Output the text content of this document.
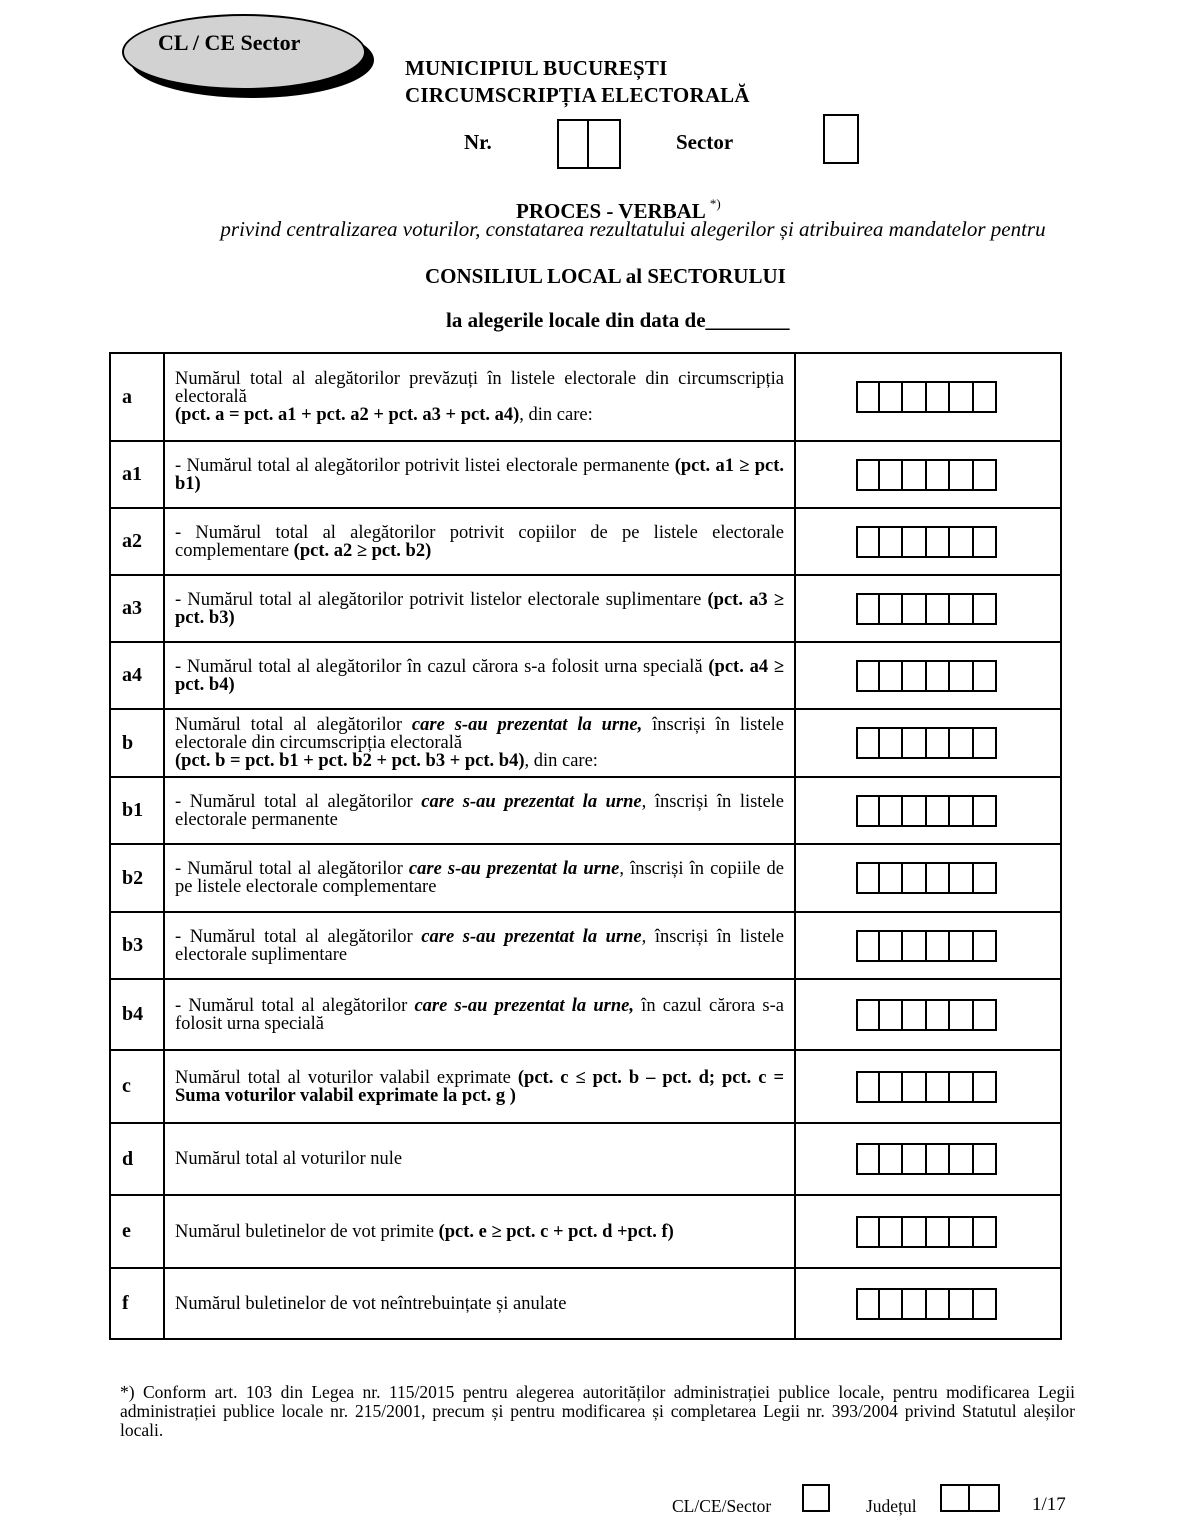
CL / CE Sector
MUNICIPIUL BUCUREȘTI
CIRCUMSCRIPȚIA ELECTORALĂ
Nr.	Sector
PROCES - VERBAL *)
privind centralizarea voturilor, constatarea rezultatului alegerilor și atribuirea mandatelor pentru
CONSILIUL LOCAL al SECTORULUI
la alegerile locale din data de________
a	Numărul total al alegătorilor prevăzuți în listele electorale din circumscripția electorală
(pct. a = pct. a1 + pct. a2 + pct. a3 + pct. a4), din care:	

a1	- Numărul total al alegătorilor potrivit listei electorale permanente (pct. a1 ≥ pct. b1)	

a2	- Numărul total al alegătorilor potrivit copiilor de pe listele electorale complementare (pct. a2 ≥ pct. b2)	

a3	- Numărul total al alegătorilor potrivit listelor electorale suplimentare (pct. a3 ≥ pct. b3)	

a4	- Numărul total al alegătorilor în cazul cărora s-a folosit urna specială (pct. a4 ≥ pct. b4)	

b	Numărul total al alegătorilor care s-au prezentat la urne, înscriși în listele electorale din circumscripția electorală
(pct. b = pct. b1 + pct. b2 + pct. b3 + pct. b4), din care:	

b1	- Numărul total al alegătorilor care s-au prezentat la urne, înscriși în listele electorale permanente	

b2	- Numărul total al alegătorilor care s-au prezentat la urne, înscriși în copiile de pe listele electorale complementare	

b3	- Numărul total al alegătorilor care s-au prezentat la urne, înscriși în listele electorale suplimentare	

b4	- Numărul total al alegătorilor care s-au prezentat la urne, în cazul cărora s-a folosit urna specială	

c	Numărul total al voturilor valabil exprimate (pct. c ≤ pct. b – pct. d; pct. c = Suma voturilor valabil exprimate la pct. g )	

d	Numărul total al voturilor nule	

e	Numărul buletinelor de vot primite (pct. e ≥ pct. c + pct. d +pct. f)	

f	Numărul buletinelor de vot neîntrebuințate și anulate	
*) Conform art. 103 din Legea nr. 115/2015 pentru alegerea autorităților administrației publice locale, pentru modificarea Legii administrației publice locale nr. 215/2001, precum și pentru modificarea și completarea Legii nr. 393/2004 privind Statutul aleșilor locali.
CL/CE/Sector	Județul	1/17
